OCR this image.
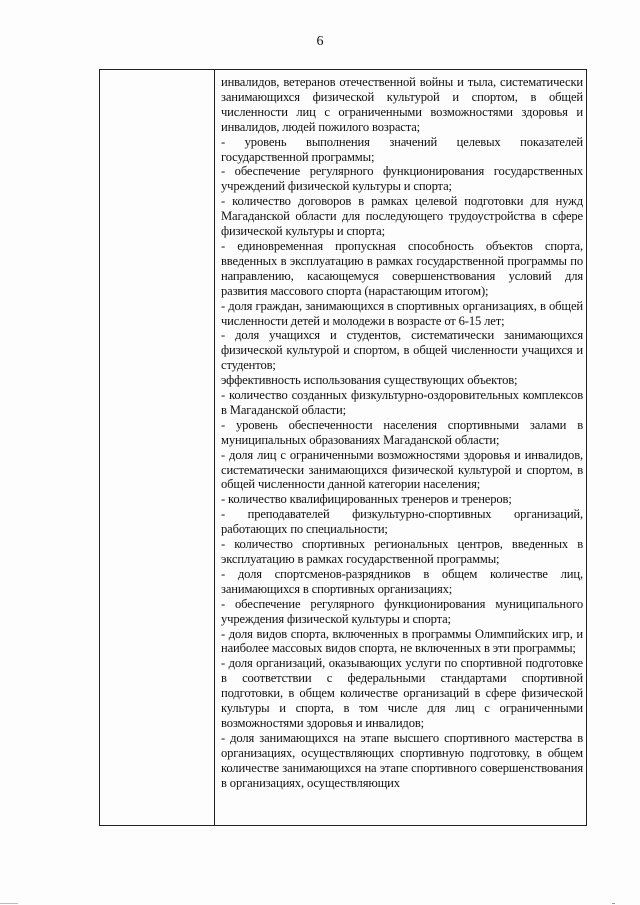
6

инвалидов, ветеранов отечественной войны и тыла, систематически занимающихся физической культурой и спортом, в общей численности лиц с ограниченными возможностями здоровья и инвалидов, людей пожилого возраста;

- уровень выполнения значений целевых показателей государственной программы;

- обеспечение регулярного функционирования государственных учреждений физической культуры и спорта;

- количество договоров в рамках целевой подготовки для нужд Магаданской области для последующего трудоустройства в сфере физической культуры и спорта;

- единовременная пропускная способность объектов спорта, введенных в эксплуатацию в рамках государственной программы по направлению, касающемуся совершенствования условий для развития массового спорта (нарастающим итогом);

- доля граждан, занимающихся в спортивных организациях, в общей численности детей и молодежи в возрасте от 6-15 лет;

- доля учащихся и студентов, систематически занимающихся физической культурой и спортом, в общей численности учащихся и студентов;

эффективность использования существующих объектов;

- количество созданных физкультурно-оздоровительных комплексов в Магаданской области;

- уровень обеспеченности населения спортивными залами в муниципальных образованиях Магаданской области;

- доля лиц с ограниченными возможностями здоровья и инвалидов, систематически занимающихся физической культурой и спортом, в общей численности данной категории населения;

- количество квалифицированных тренеров и тренеров;

- преподавателей физкультурно-спортивных организаций, работающих по специальности;

- количество спортивных региональных центров, введенных в эксплуатацию в рамках государственной программы;

- доля спортсменов-разрядников в общем количестве лиц, занимающихся в спортивных организациях;

- обеспечение регулярного функционирования муниципального учреждения физической культуры и спорта;

- доля видов спорта, включенных в программы Олимпийских игр, и наиболее массовых видов спорта, не включенных в эти программы;

- доля организаций, оказывающих услуги по спортивной подготовке в соответствии с федеральными стандартами спортивной подготовки, в общем количестве организаций в сфере физической культуры и спорта, в том числе для лиц с ограниченными возможностями здоровья и инвалидов;

- доля занимающихся на этапе высшего спортивного мастерства в организациях, осуществляющих спортивную подготовку, в общем количестве занимающихся на этапе спортивного совершенствования в организациях, осуществляющих
